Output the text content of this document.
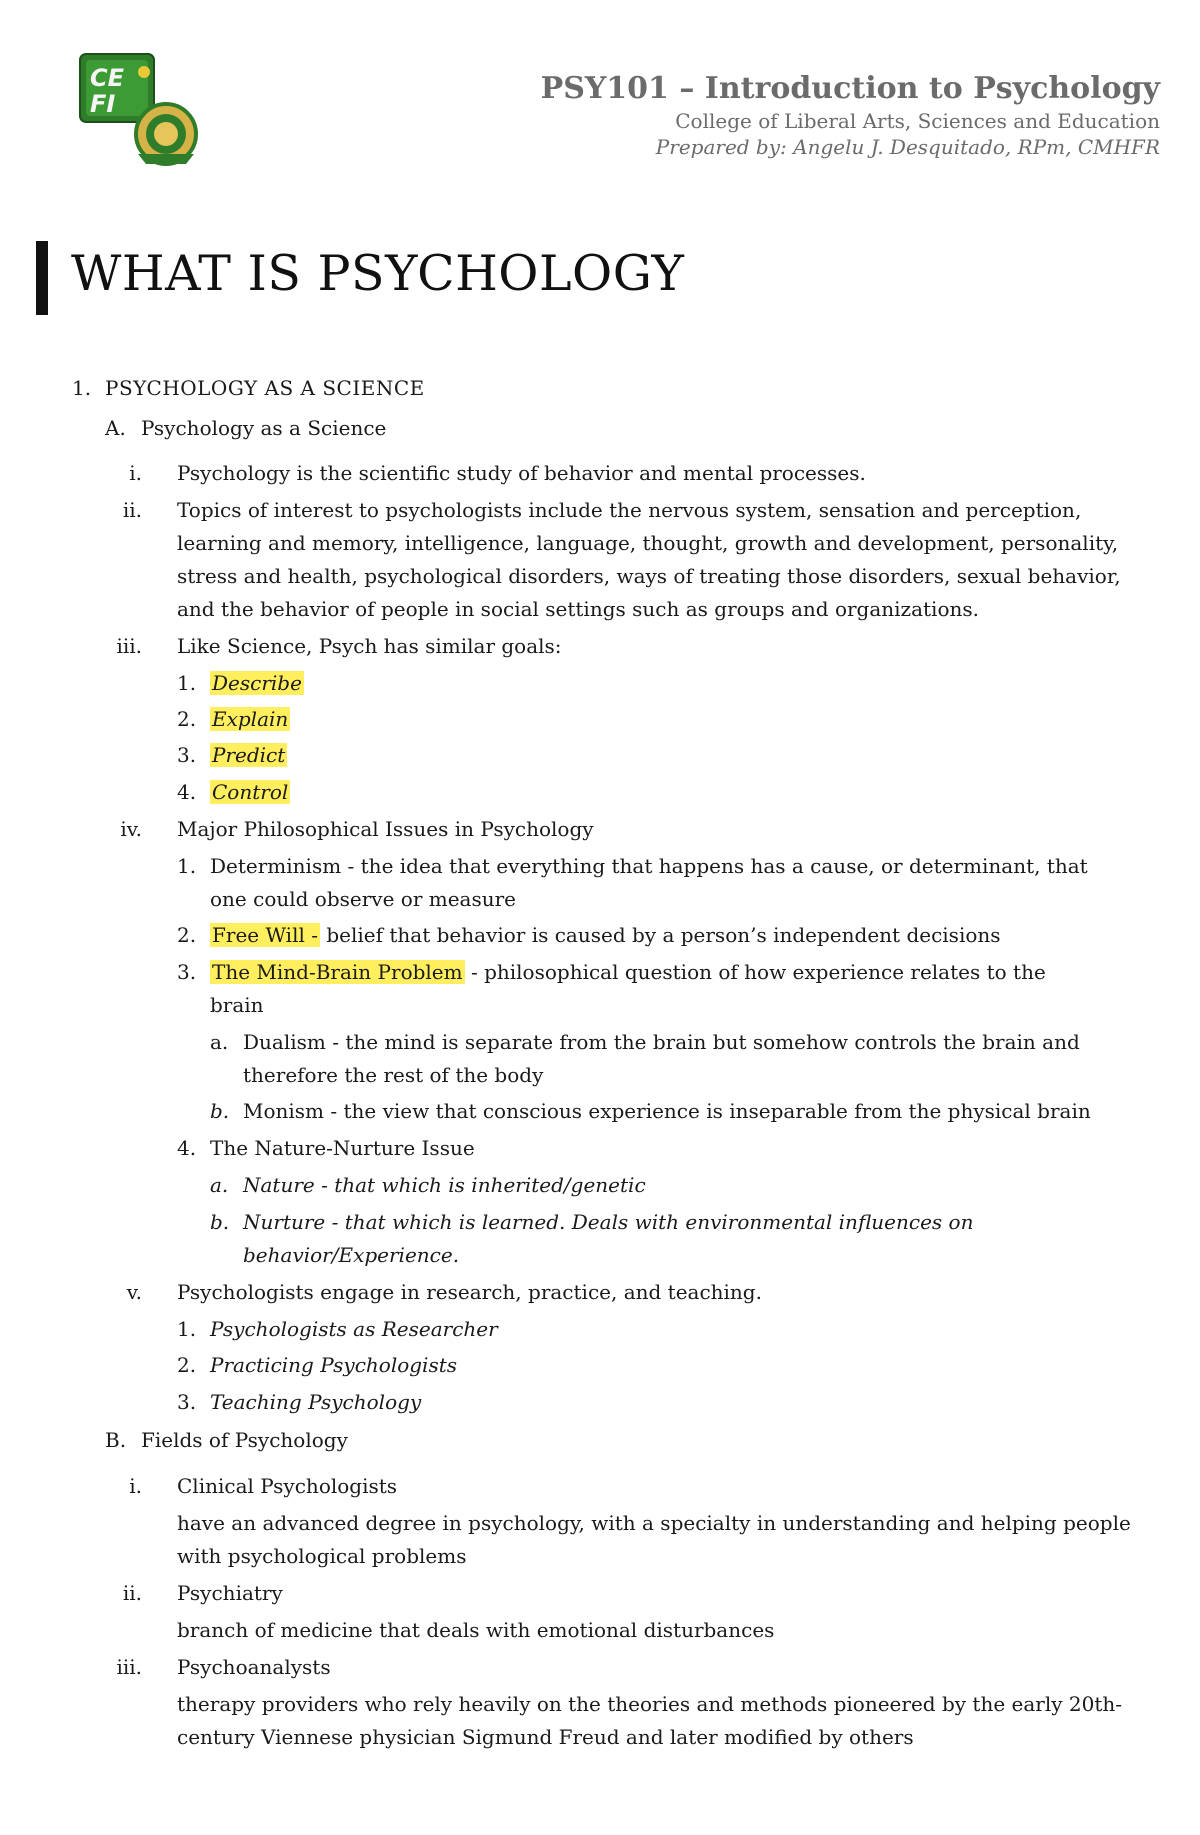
CE
FI	PSY101 – Introduction to Psychology
College of Liberal Arts, Sciences and Education
Prepared by: Angelu J. Desquitado, RPm, CMHFR
WHAT IS PSYCHOLOGY
1. PSYCHOLOGY AS A SCIENCE
A. Psychology as a Science
i. Psychology is the scientific study of behavior and mental processes.
ii. Topics of interest to psychologists include the nervous system, sensation and perception,
learning and memory, intelligence, language, thought, growth and development, personality,
stress and health, psychological disorders, ways of treating those disorders, sexual behavior,
and the behavior of people in social settings such as groups and organizations.
iii. Like Science, Psych has similar goals:
1. Describe
2. Explain
3. Predict
4. Control
iv. Major Philosophical Issues in Psychology
1. Determinism - the idea that everything that happens has a cause, or determinant, that
one could observe or measure
2. Free Will - belief that behavior is caused by a person’s independent decisions
3. The Mind-Brain Problem - philosophical question of how experience relates to the
brain
a. Dualism - the mind is separate from the brain but somehow controls the brain and
therefore the rest of the body
b. Monism - the view that conscious experience is inseparable from the physical brain
4. The Nature-Nurture Issue
a. Nature - that which is inherited/genetic
b. Nurture - that which is learned. Deals with environmental influences on
behavior/Experience.
v. Psychologists engage in research, practice, and teaching.
1. Psychologists as Researcher
2. Practicing Psychologists
3. Teaching Psychology
B. Fields of Psychology
i. Clinical Psychologists
have an advanced degree in psychology, with a specialty in understanding and helping people
with psychological problems
ii. Psychiatry
branch of medicine that deals with emotional disturbances
iii. Psychoanalysts
therapy providers who rely heavily on the theories and methods pioneered by the early 20th-
century Viennese physician Sigmund Freud and later modified by others
